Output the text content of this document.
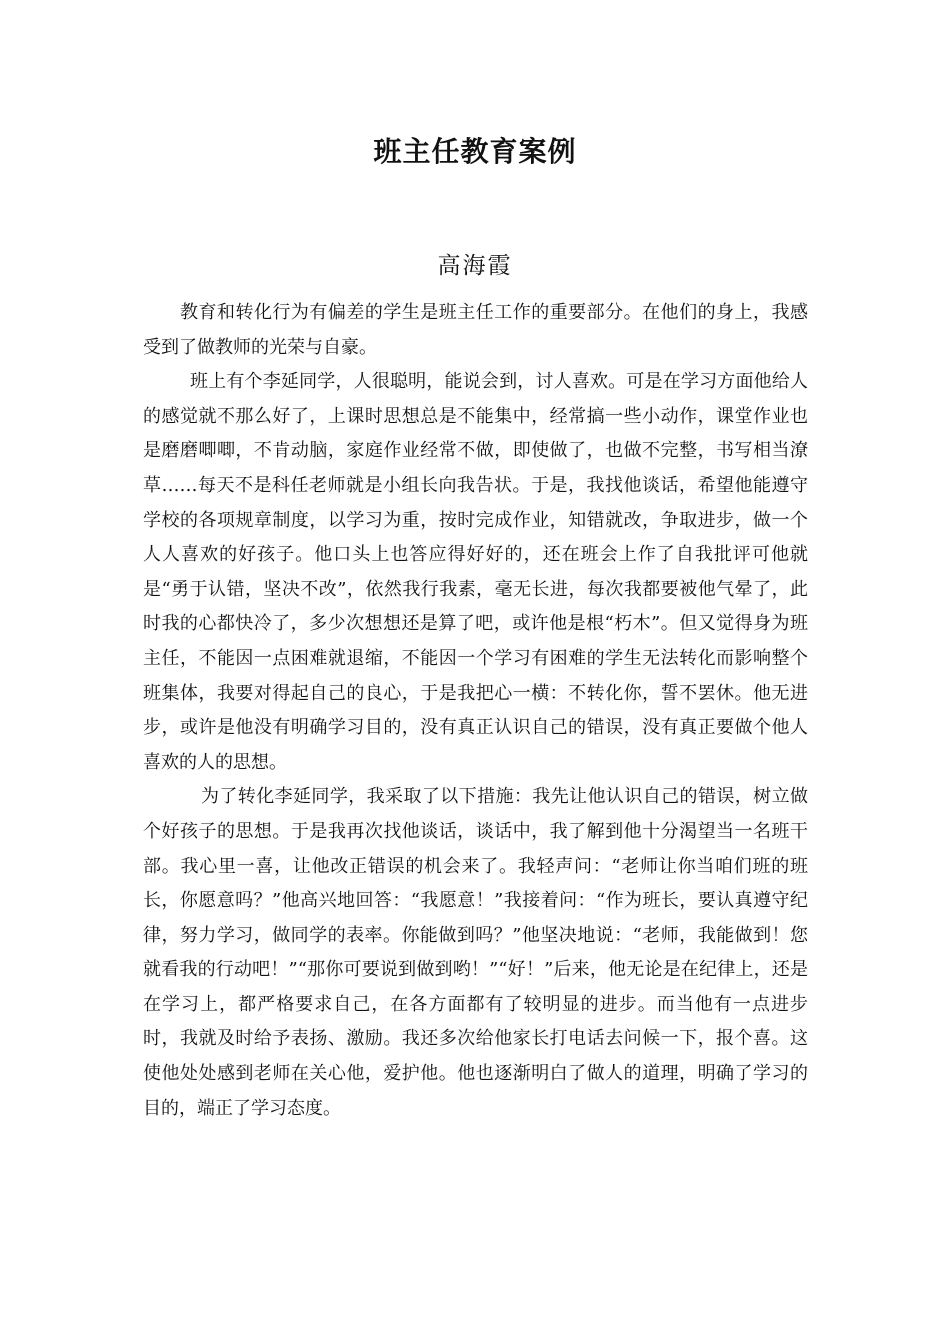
班主任教育案例
高海霞

教育和转化行为有偏差的学生是班主任工作的重要部分。在他们的身上，我感受到了做教师的光荣与自豪。

班上有个李延同学，人很聪明，能说会到，讨人喜欢。可是在学习方面他给人的感觉就不那么好了，上课时思想总是不能集中，经常搞一些小动作，课堂作业也是磨磨唧唧，不肯动脑，家庭作业经常不做，即使做了，也做不完整，书写相当潦草……每天不是科任老师就是小组长向我告状。于是，我找他谈话，希望他能遵守学校的各项规章制度，以学习为重，按时完成作业，知错就改，争取进步，做一个人人喜欢的好孩子。他口头上也答应得好好的，还在班会上作了自我批评可他就是“勇于认错，坚决不改”，依然我行我素，毫无长进，每次我都要被他气晕了，此时我的心都快冷了，多少次想想还是算了吧，或许他是根“朽木”。但又觉得身为班主任，不能因一点困难就退缩，不能因一个学习有困难的学生无法转化而影响整个班集体，我要对得起自己的良心，于是我把心一横：不转化你，誓不罢休。他无进步，或许是他没有明确学习目的，没有真正认识自己的错误，没有真正要做个他人喜欢的人的思想。

为了转化李延同学，我采取了以下措施：我先让他认识自己的错误，树立做个好孩子的思想。于是我再次找他谈话，谈话中，我了解到他十分渴望当一名班干部。我心里一喜，让他改正错误的机会来了。我轻声问：“老师让你当咱们班的班长，你愿意吗？”他高兴地回答：“我愿意！”我接着问：“作为班长，要认真遵守纪律，努力学习，做同学的表率。你能做到吗？”他坚决地说：“老师，我能做到！您就看我的行动吧！”“那你可要说到做到哟！”“好！”后来，他无论是在纪律上，还是在学习上，都严格要求自己，在各方面都有了较明显的进步。而当他有一点进步时，我就及时给予表扬、激励。我还多次给他家长打电话去问候一下，报个喜。这使他处处感到老师在关心他，爱护他。他也逐渐明白了做人的道理，明确了学习的目的，端正了学习态度。
